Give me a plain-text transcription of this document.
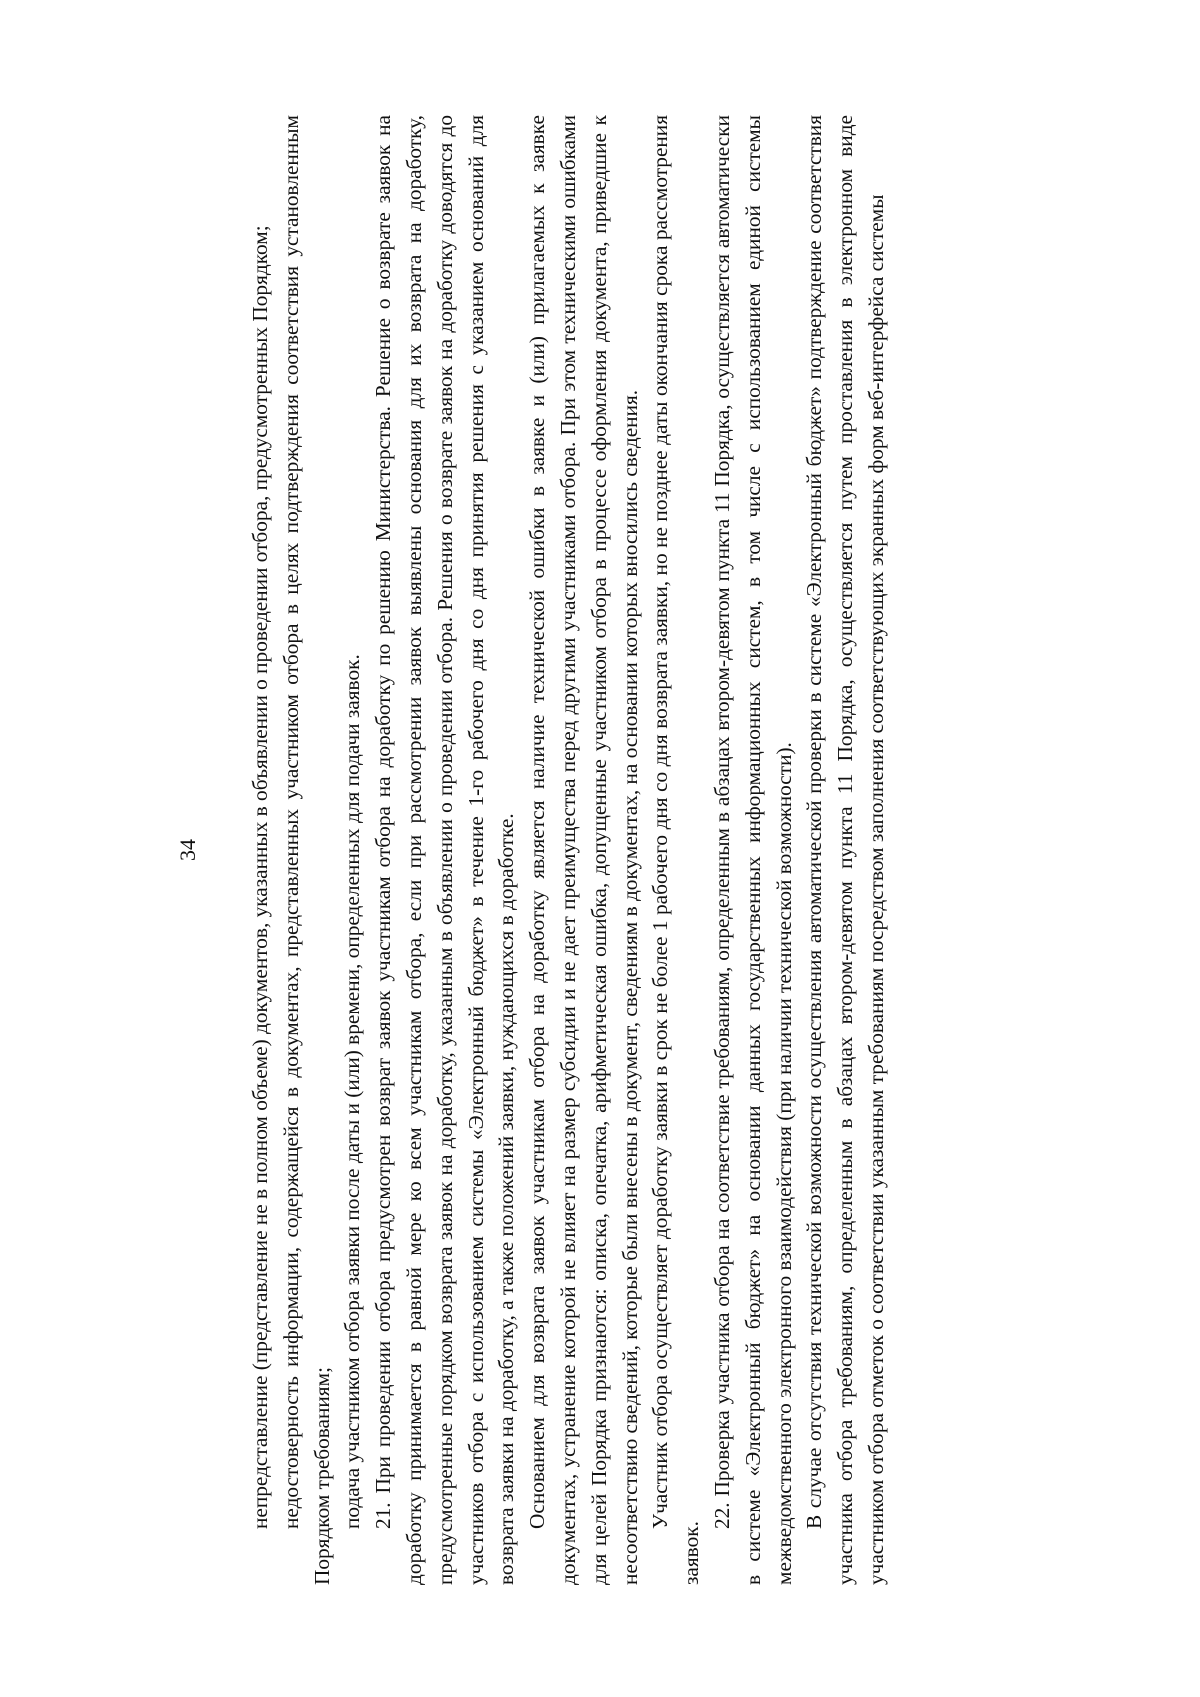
34 непредставление (представление не в полном объеме) документов, указанных в объявлении о проведении отбора, предусмотренных Порядком; недостоверность информации, содержащейся в документах, представленных участником отбора в целях подтверждения соответствия установленным Порядком требованиям; подача участником отбора заявки после даты и (или) времени, определенных для подачи заявок. 21. При проведении отбора предусмотрен возврат заявок участникам отбора на доработку по решению Министерства. Решение о возврате заявок на доработку принимается в равной мере ко всем участникам отбора, если при рассмотрении заявок выявлены основания для их возврата на доработку, предусмотренные порядком возврата заявок на доработку, указанным в объявлении о проведении отбора. Решения о возврате заявок на доработку доводятся до участников отбора с использованием системы «Электронный бюджет» в течение 1-го рабочего дня со дня принятия решения с указанием оснований для возврата заявки на доработку, а также положений заявки, нуждающихся в доработке. Основанием для возврата заявок участникам отбора на доработку является наличие технической ошибки в заявке и (или) прилагаемых к заявке документах, устранение которой не влияет на размер субсидии и не дает преимущества перед другими участниками отбора. При этом техническими ошибками для целей Порядка признаются: описка, опечатка, арифметическая ошибка, допущенные участником отбора в процессе оформления документа, приведшие к несоответствию сведений, которые были внесены в документ, сведениям в документах, на основании которых вносились сведения. Участник отбора осуществляет доработку заявки в срок не более 1 рабочего дня со дня возврата заявки, но не позднее даты окончания срока рассмотрения заявок.

22. Проверка участника отбора на соответствие требованиям, определенным в абзацах втором-девятом пункта 11 Порядка, осуществляется автоматически в системе «Электронный бюджет» на основании данных государственных информационных систем, в том числе с использованием единой системы межведомственного электронного взаимодействия (при наличии технической возможности). В случае отсутствия технической возможности осуществления автоматической проверки в системе «Электронный бюджет» подтверждение соответствия участника отбора требованиям, определенным в абзацах втором-девятом пункта 11 Порядка, осуществляется путем проставления в электронном виде участником отбора отметок о соответствии указанным требованиям посредством заполнения соответствующих экранных форм веб-интерфейса системы
